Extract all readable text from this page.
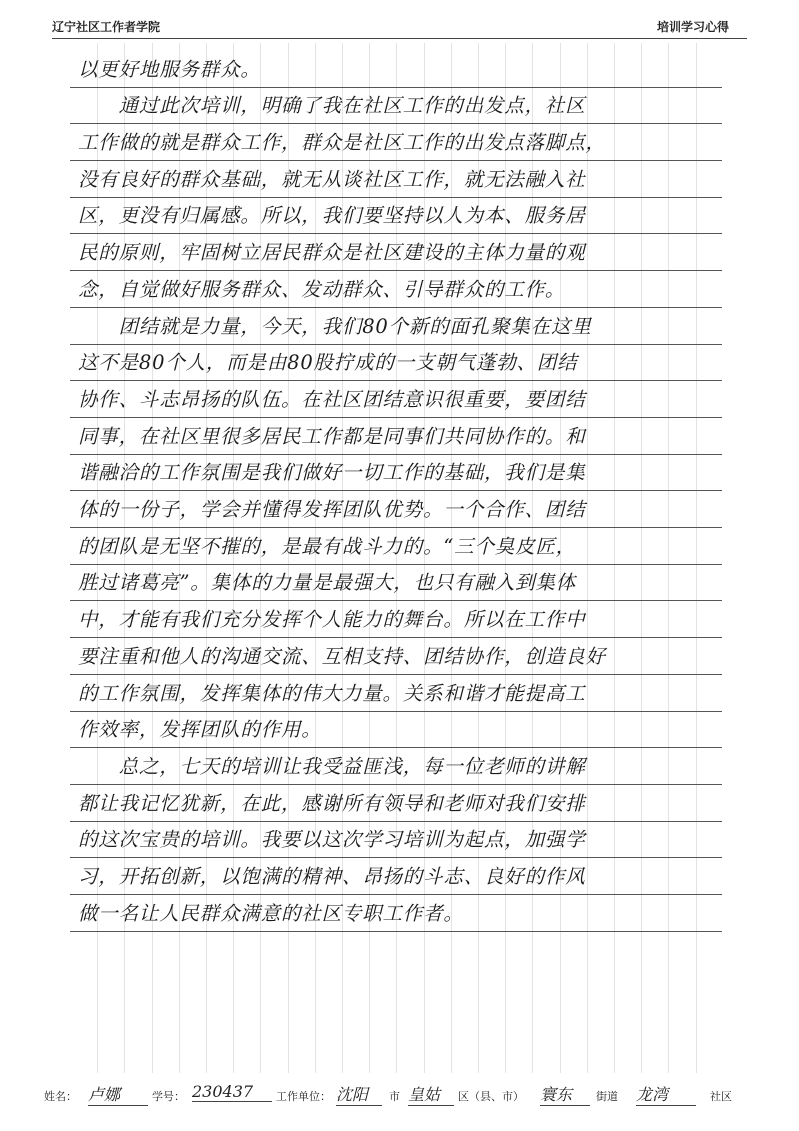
辽宁社区工作者学院	培训学习心得
以更好地服务群众。
　　通过此次培训，明确了我在社区工作的出发点，社区
工作做的就是群众工作，群众是社区工作的出发点落脚点，
没有良好的群众基础，就无从谈社区工作，就无法融入社
区，更没有归属感。所以，我们要坚持以人为本、服务居
民的原则，牢固树立居民群众是社区建设的主体力量的观
念，自觉做好服务群众、发动群众、引导群众的工作。
　　团结就是力量，今天，我们80个新的面孔聚集在这里
这不是80个人，而是由80股拧成的一支朝气蓬勃、团结
协作、斗志昂扬的队伍。在社区团结意识很重要，要团结
同事，在社区里很多居民工作都是同事们共同协作的。和
谐融洽的工作氛围是我们做好一切工作的基础，我们是集
体的一份子，学会并懂得发挥团队优势。一个合作、团结
的团队是无坚不摧的，是最有战斗力的。“三个臭皮匠，
胜过诸葛亮”。集体的力量是最强大，也只有融入到集体
中，才能有我们充分发挥个人能力的舞台。所以在工作中
要注重和他人的沟通交流、互相支持、团结协作，创造良好
的工作氛围，发挥集体的伟大力量。关系和谐才能提高工
作效率，发挥团队的作用。
　　总之，七天的培训让我受益匪浅，每一位老师的讲解
都让我记忆犹新，在此，感谢所有领导和老师对我们安排
的这次宝贵的培训。我要以这次学习培训为起点，加强学
习，开拓创新，以饱满的精神、昂扬的斗志、良好的作风
做一名让人民群众满意的社区专职工作者。
姓名： 卢娜	学号： 230437	工作单位： 沈阳	市 皇姑	区（县、市） 寰东	街道 龙湾	社区
